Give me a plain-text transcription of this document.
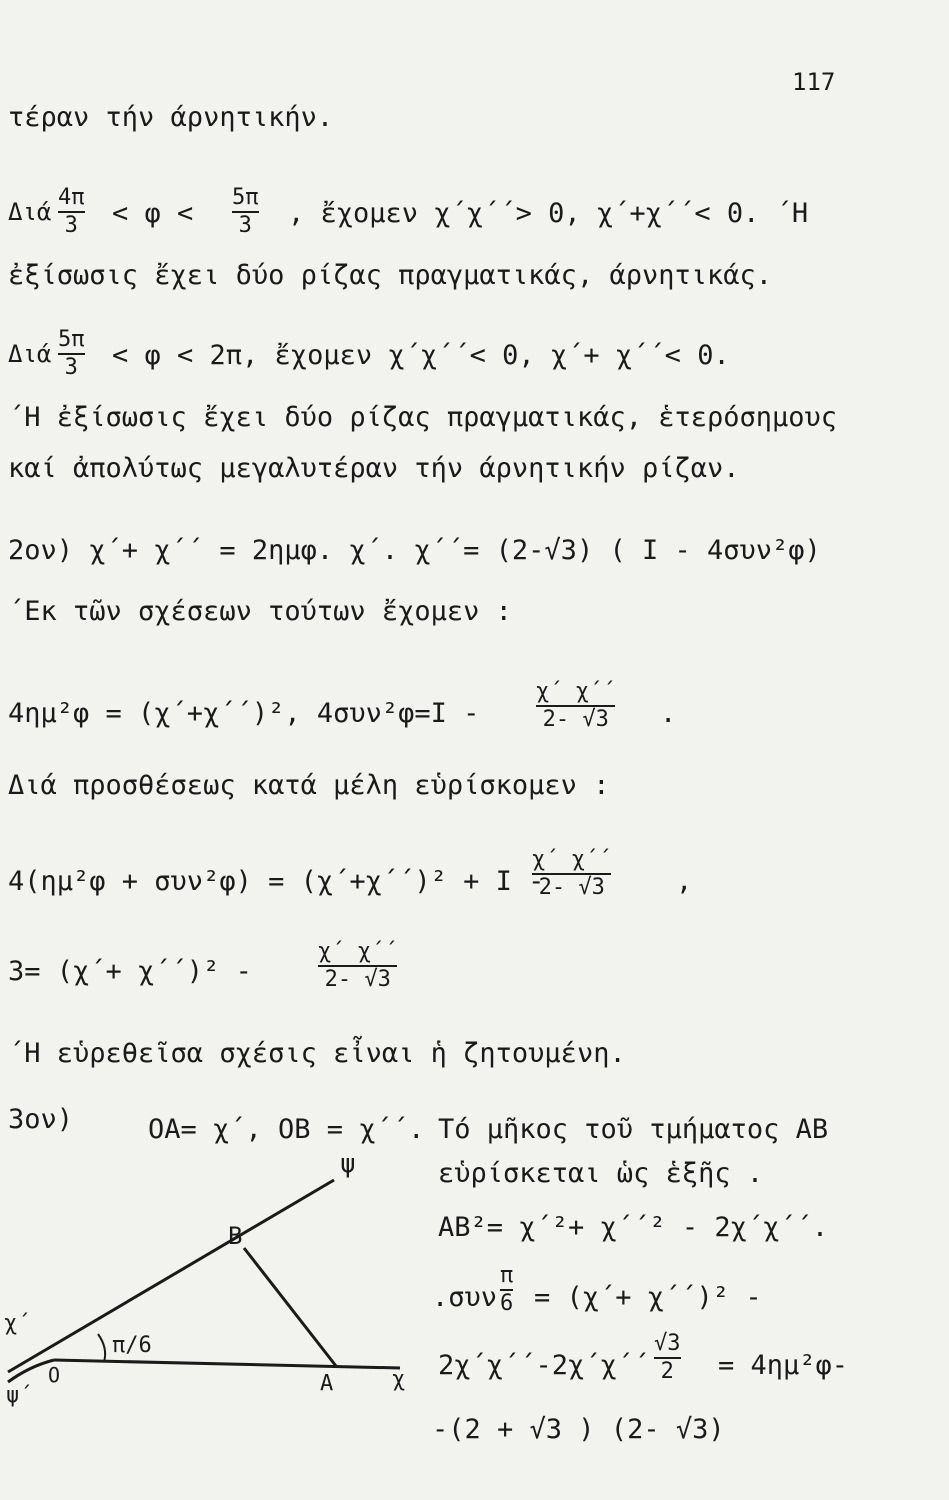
117
τέραν τήν άρνητικήν.
Διά
4π
3 < φ <
5π
3 , ἔχομεν χ΄χ΄΄> 0, χ΄+χ΄΄< 0. ΄Η
ἐξίσωσις ἔχει δύο ρίζας πραγματικάς, άρνητικάς.
Διά
5π
3 < φ < 2π, ἔχομεν χ΄χ΄΄< 0, χ΄+ χ΄΄< 0.
΄Η ἐξίσωσις ἔχει δύο ρίζας πραγματικάς, ἑτερόσημους
καί ἀπολύτως μεγαλυτέραν τήν άρνητικήν ρίζαν.
2ον) χ΄+ χ΄΄ = 2ημφ. χ΄. χ΄΄= (2-√3) ( Ι - 4συν²φ)
΄Εκ τῶν σχέσεων τούτων ἔχομεν :
4ημ²φ = (χ΄+χ΄΄)², 4συν²φ=Ι -
χ΄ χ΄΄
2- √3 .
Διά προσθέσεως κατά μέλη εὑρίσκομεν :
4(ημ²φ + συν²φ) = (χ΄+χ΄΄)² + Ι -
χ΄ χ΄΄
2- √3	,
3= (χ΄+ χ΄΄)² -
χ΄ χ΄΄
2- √3
΄Η εὑρεθεῖσα σχέσις εἶναι ἡ ζητουμένη.
3ον)	ΟΑ= χ΄, ΟΒ = χ΄΄. Τό μῆκος τοῦ τμήματος ΑΒ
εὑρίσκεται ὡς ἑξῆς .
ΑΒ²= χ΄²+ χ΄΄² - 2χ΄χ΄΄.
.συν
π
6 = (χ΄+ χ΄΄)² -
2χ΄χ΄΄-2χ΄χ΄΄
√3
2 = 4ημ²φ-
-(2 + √3 ) (2- √3)
ψ
Β
χ΄
π/6
Ο	Α	χ
ψ΄
